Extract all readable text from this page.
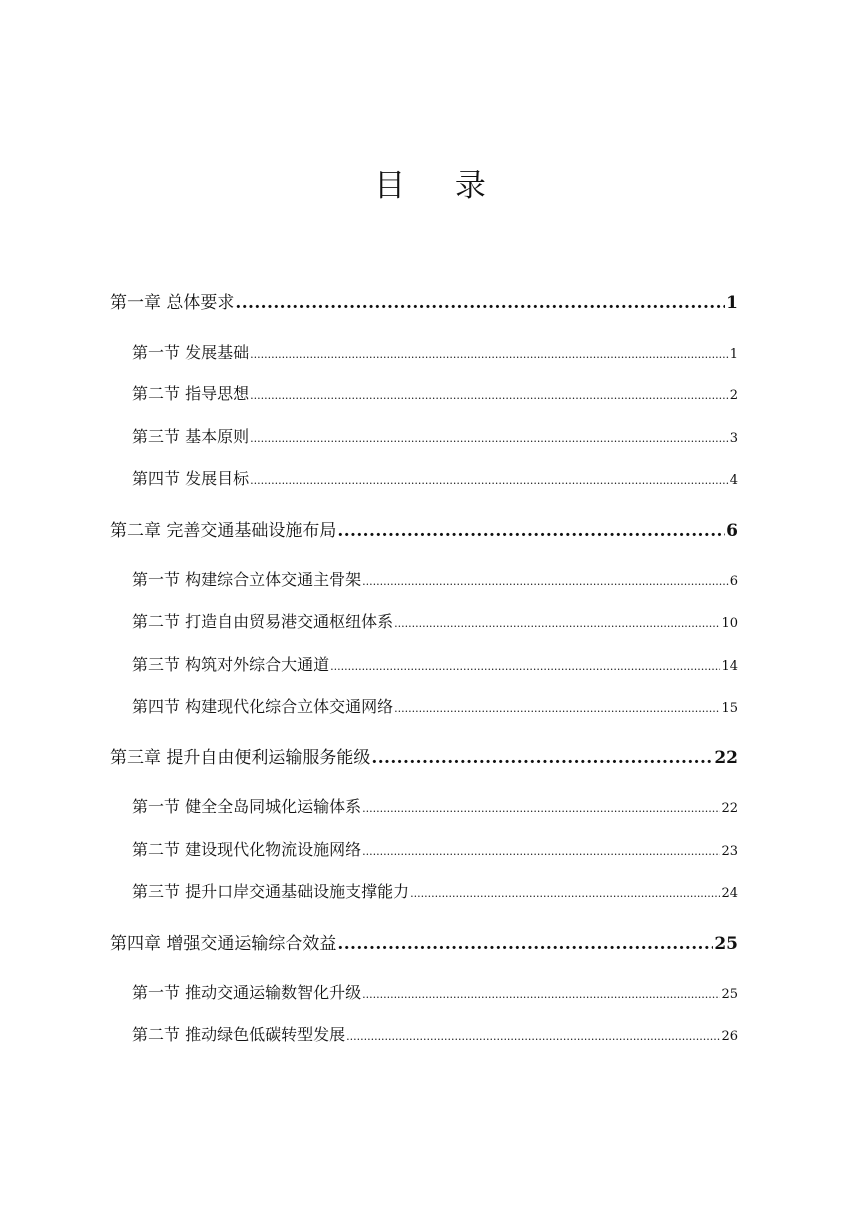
目 录
第一章 总体要求 .....	1
第一节 发展基础 .....	1
第二节 指导思想 .....	2
第三节 基本原则 .....	3
第四节 发展目标 .....	4
第二章 完善交通基础设施布局 .....	6
第一节 构建综合立体交通主骨架 .....	6
第二节 打造自由贸易港交通枢纽体系 .....	10
第三节 构筑对外综合大通道 .....	14
第四节 构建现代化综合立体交通网络 .....	15
第三章 提升自由便利运输服务能级 .....	22
第一节 健全全岛同城化运输体系 .....	22
第二节 建设现代化物流设施网络 .....	23
第三节 提升口岸交通基础设施支撑能力 .....	24
第四章 增强交通运输综合效益 .....	25
第一节 推动交通运输数智化升级 .....	25
第二节 推动绿色低碳转型发展 .....	26
